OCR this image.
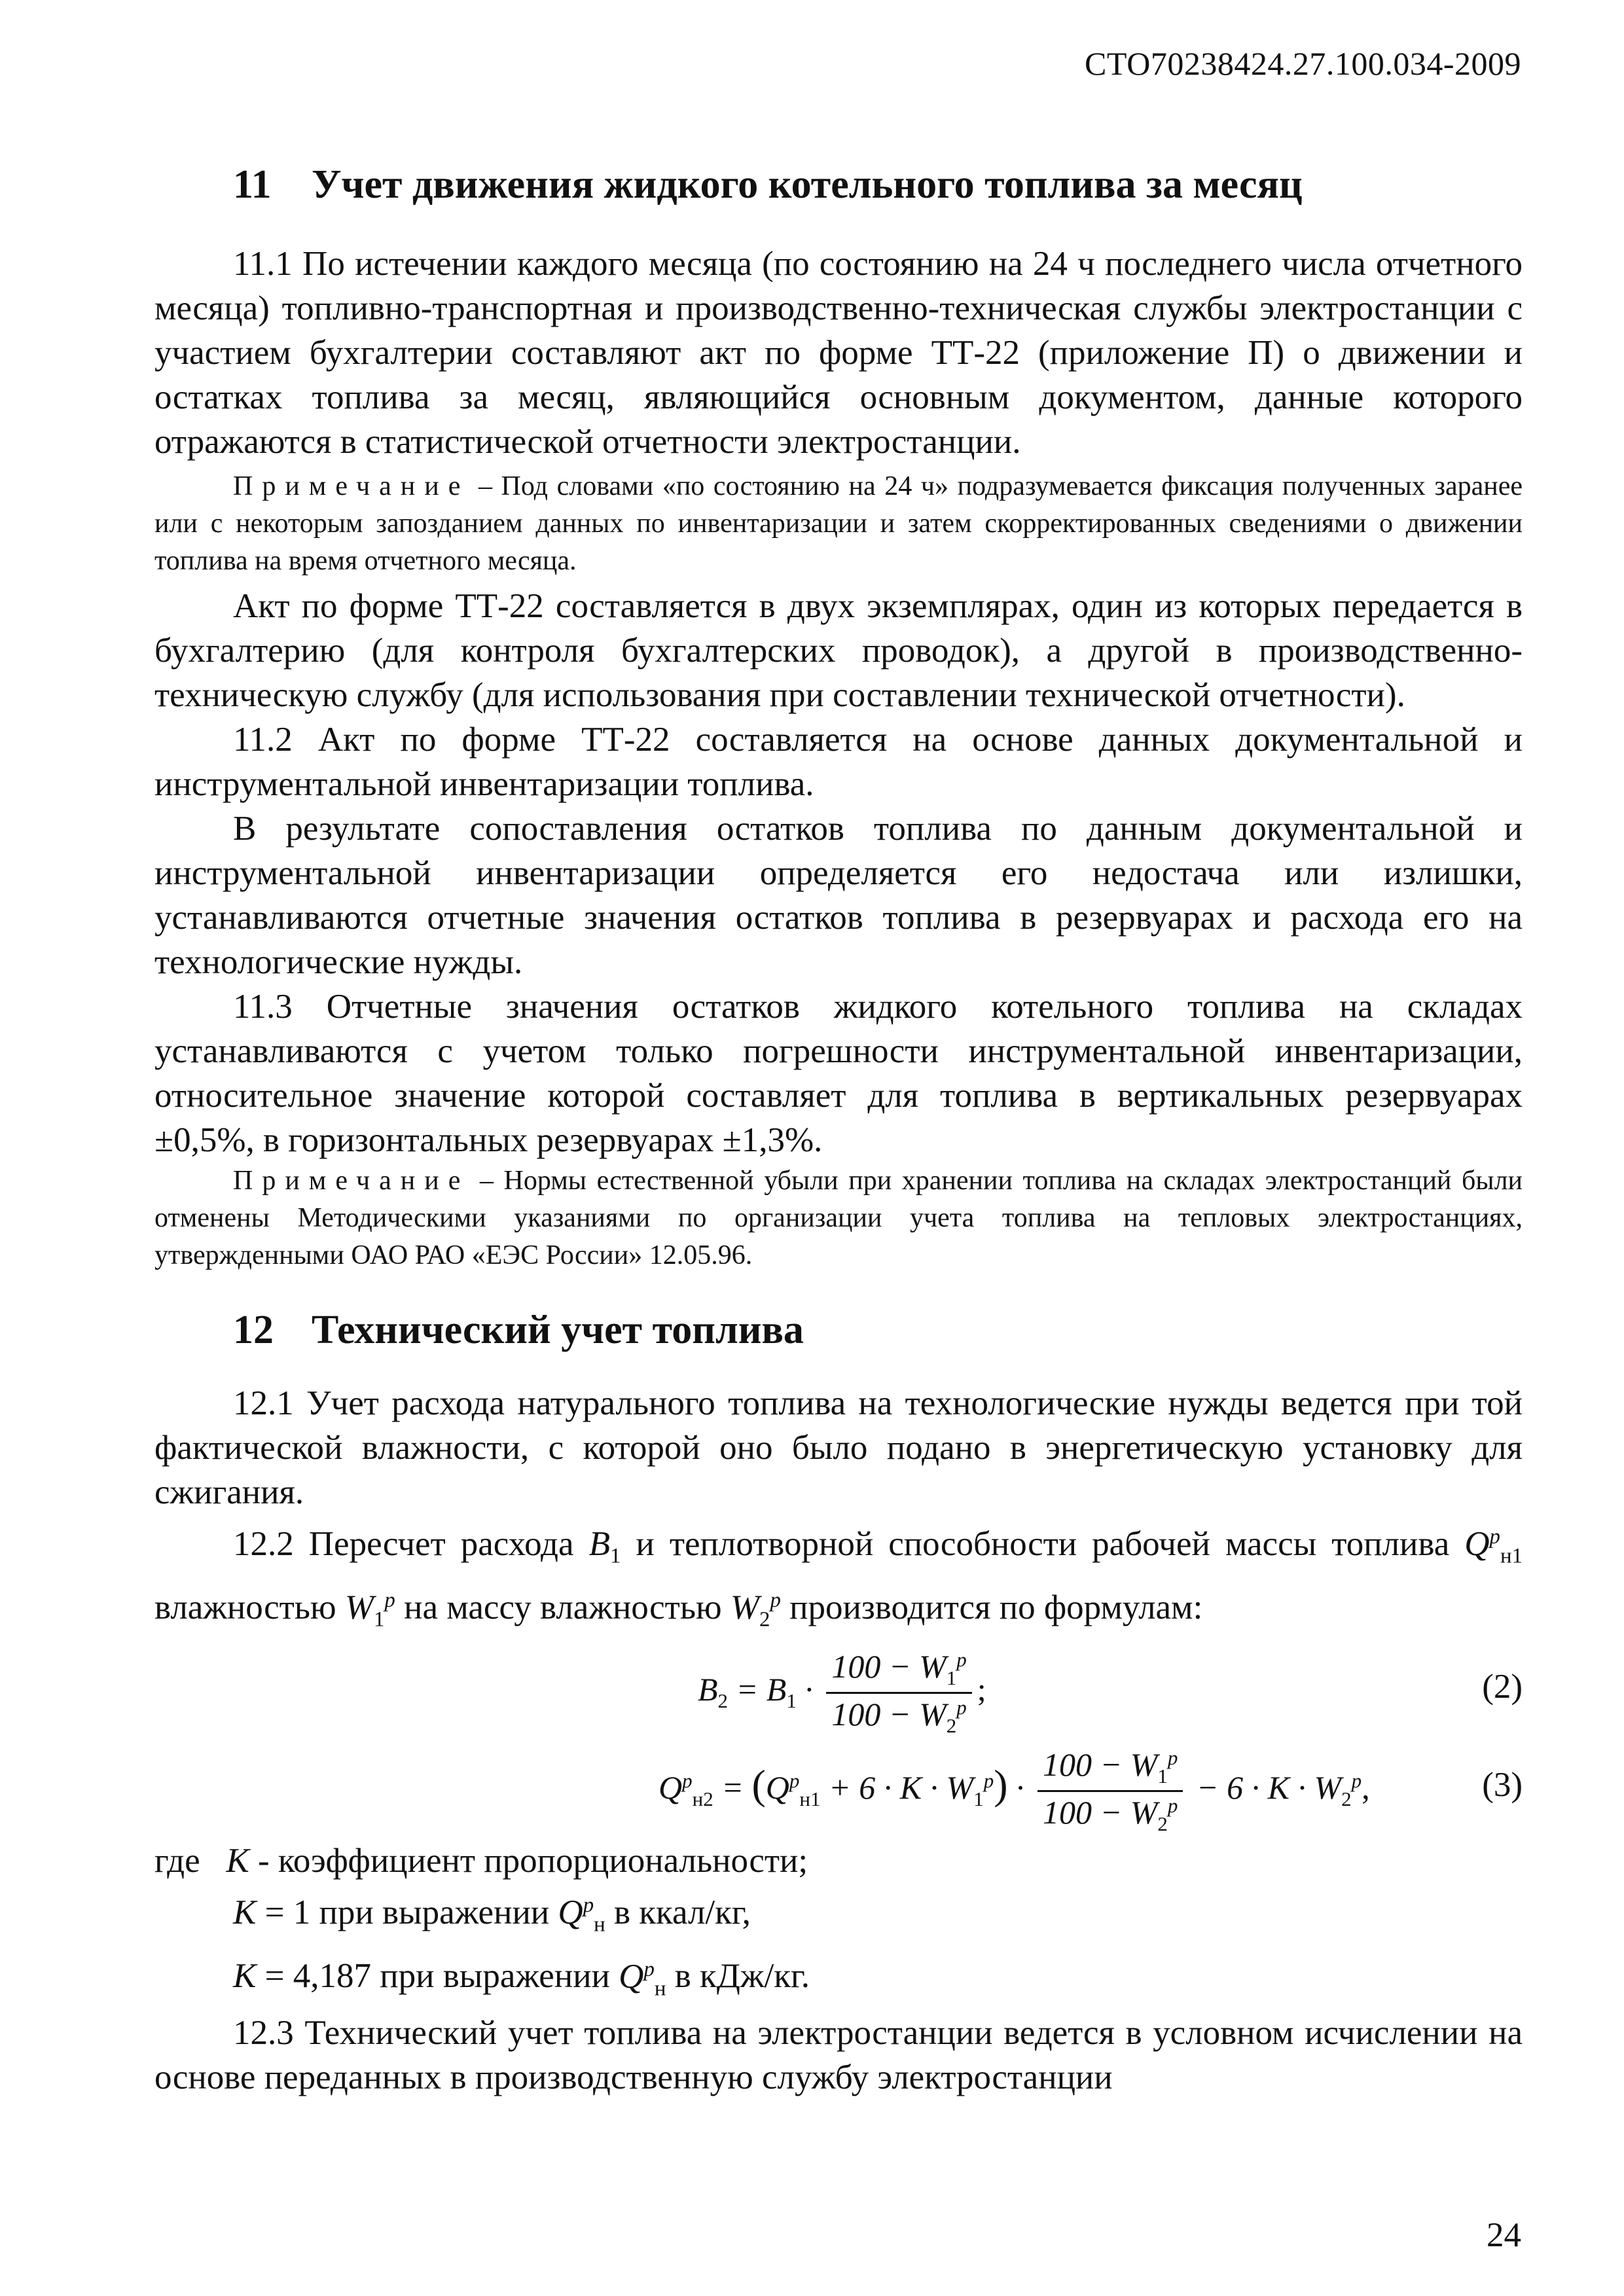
СТО70238424.27.100.034-2009
11 Учет движения жидкого котельного топлива за месяц

11.1 По истечении каждого месяца (по состоянию на 24 ч последнего числа отчетного месяца) топливно-транспортная и производственно-техническая службы электростанции с участием бухгалтерии составляют акт по форме ТТ-22 (приложение П) о движении и остатках топлива за месяц, являющийся основным документом, данные которого отражаются в статистической отчетности электростанции.

Примечание – Под словами «по состоянию на 24 ч» подразумевается фиксация полученных заранее или с некоторым запозданием данных по инвентаризации и затем скорректированных сведениями о движении топлива на время отчетного месяца.

Акт по форме ТТ-22 составляется в двух экземплярах, один из которых передается в бухгалтерию (для контроля бухгалтерских проводок), а другой в производственно-техническую службу (для использования при составлении технической отчетности).

11.2 Акт по форме ТТ-22 составляется на основе данных документальной и инструментальной инвентаризации топлива.

В результате сопоставления остатков топлива по данным документальной и инструментальной инвентаризации определяется его недостача или излишки, устанавливаются отчетные значения остатков топлива в резервуарах и расхода его на технологические нужды.

11.3 Отчетные значения остатков жидкого котельного топлива на складах устанавливаются с учетом только погрешности инструментальной инвентаризации, относительное значение которой составляет для топлива в вертикальных резервуарах ±0,5%, в горизонтальных резервуарах ±1,3%.

Примечание – Нормы естественной убыли при хранении топлива на складах электростанций были отменены Методическими указаниями по организации учета топлива на тепловых электростанциях, утвержденными ОАО РАО «ЕЭС России» 12.05.96.

12 Технический учет топлива

12.1 Учет расхода натурального топлива на технологические нужды ведется при той фактической влажности, с которой оно было подано в энергетическую установку для сжигания.

12.2 Пересчет расхода $B_1$ и теплотворной способности рабочей массы топлива $Q^p_{н1}$ влажностью $W_1^p$ на массу влажностью $W_2^p$ производится по формулам:

$B_2 = B_1 \cdot \frac{100 - W_1^p}{100 - W_2^p}$ ;	(2)
$Q^p_{н2} = (Q^p_{н1} + 6 \cdot K \cdot W_1^p) \cdot \frac{100 - W_1^p}{100 - W_2^p} - 6 \cdot K \cdot W_2^p$,	(3)
где K - коэффициент пропорциональности;
K = 1 при выражении $Q^p_н$ в ккал/кг,
K = 4,187 при выражении $Q^p_н$ в кДж/кг.

12.3 Технический учет топлива на электростанции ведется в условном исчислении на основе переданных в производственную службу электростанции

24
